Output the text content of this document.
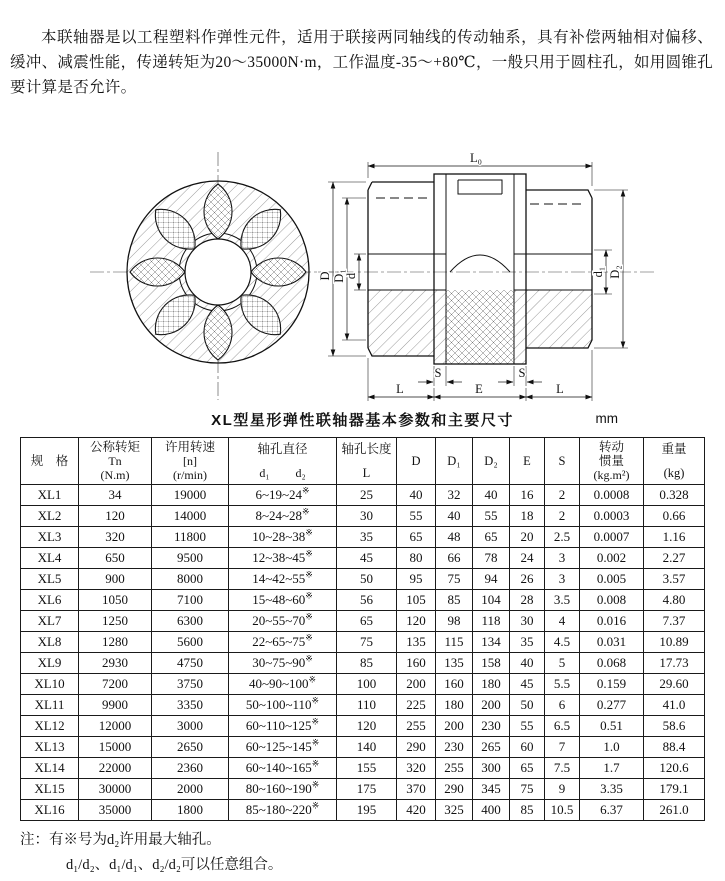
本联轴器是以工程塑料作弹性元件，适用于联接两同轴线的传动轴系，具有补偿两轴相对偏移、缓冲、减震性能，传递转矩为20～35000N·m，工作温度-35～+80℃，一般只用于圆柱孔，如用圆锥孔要计算是否允许。

L₀
D D₁
d	d₁ D₂
S	S
L	E	L
XL型星形弹性联轴器基本参数和主要尺寸	mm
规　格	
公称转矩
Tn
(N.m)

许用转速
[n]
(r/min)

轴孔直径
d₁ d₂

轴孔长度
L
	D	D₁	D₂	E	S	
转动
惯量
(kg.m²)

重量
(kg)

XL1	34	19000	6~19~24※	25	40	32	40	16	2	0.0008	0.328
XL2	120	14000	8~24~28※	30	55	40	55	18	2	0.0003	0.66
XL3	320	11800	10~28~38※	35	65	48	65	20	2.5	0.0007	1.16
XL4	650	9500	12~38~45※	45	80	66	78	24	3	0.002	2.27
XL5	900	8000	14~42~55※	50	95	75	94	26	3	0.005	3.57
XL6	1050	7100	15~48~60※	56	105	85	104	28	3.5	0.008	4.80
XL7	1250	6300	20~55~70※	65	120	98	118	30	4	0.016	7.37
XL8	1280	5600	22~65~75※	75	135	115	134	35	4.5	0.031	10.89
XL9	2930	4750	30~75~90※	85	160	135	158	40	5	0.068	17.73
XL10	7200	3750	40~90~100※	100	200	160	180	45	5.5	0.159	29.60
XL11	9900	3350	50~100~110※	110	225	180	200	50	6	0.277	41.0
XL12	12000	3000	60~110~125※	120	255	200	230	55	6.5	0.51	58.6
XL13	15000	2650	60~125~145※	140	290	230	265	60	7	1.0	88.4
XL14	22000	2360	60~140~165※	155	320	255	300	65	7.5	1.7	120.6
XL15	30000	2000	80~160~190※	175	370	290	345	75	9	3.35	179.1
XL16	35000	1800	85~180~220※	195	420	325	400	85	10.5	6.37	261.0
注：有※号为d₂许用最大轴孔。
d₁/d₂、d₁/d₁、d₂/d₂可以任意组合。
